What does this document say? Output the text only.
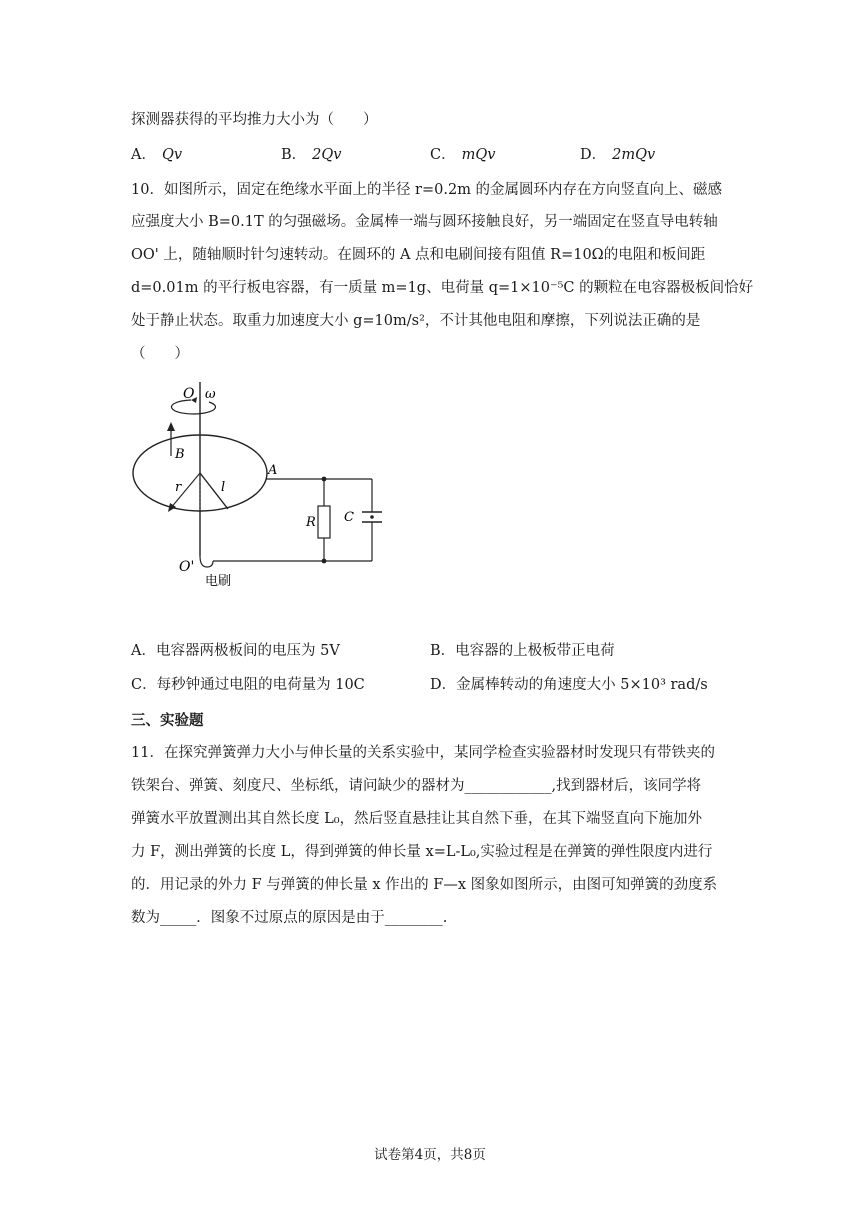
探测器获得的平均推力大小为（　　）
A． Qv	B． 2Qv	C． mQv	D． 2mQv
10．如图所示，固定在绝缘水平面上的半径 r=0.2m 的金属圆环内存在方向竖直向上、磁感
应强度大小 B=0.1T 的匀强磁场。金属棒一端与圆环接触良好，另一端固定在竖直导电转轴
OO' 上，随轴顺时针匀速转动。在圆环的 A 点和电刷间接有阻值 R=10Ω的电阻和板间距
d=0.01m 的平行板电容器，有一质量 m=1g、电荷量 q=1×10⁻⁵C 的颗粒在电容器极板间恰好
处于静止状态。取重力加速度大小 g=10m/s²，不计其他电阻和摩擦，下列说法正确的是
（　　）
O ω
B
r	l
A
R C
O'
电刷
A．电容器两极板间的电压为 5V	B．电容器的上极板带正电荷
C．每秒钟通过电阻的电荷量为 10C	D．金属棒转动的角速度大小 5×10³ rad/s
三、实验题
11．在探究弹簧弹力大小与伸长量的关系实验中，某同学检查实验器材时发现只有带铁夹的
铁架台、弹簧、刻度尺、坐标纸，请问缺少的器材为____________,找到器材后，该同学将
弹簧水平放置测出其自然长度 L₀，然后竖直悬挂让其自然下垂，在其下端竖直向下施加外
力 F，测出弹簧的长度 L，得到弹簧的伸长量 x=L-L₀,实验过程是在弹簧的弹性限度内进行
的．用记录的外力 F 与弹簧的伸长量 x 作出的 F—x 图象如图所示，由图可知弹簧的劲度系
数为_____．图象不过原点的原因是由于________.
试卷第4页，共8页
